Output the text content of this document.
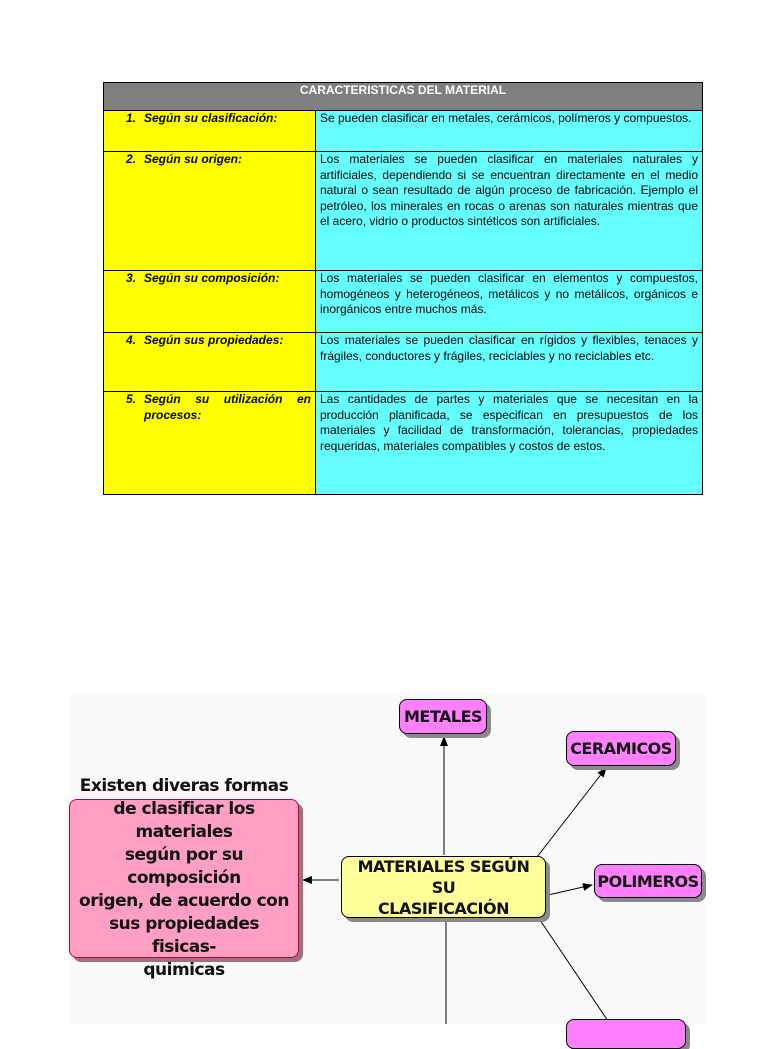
CARACTERISTICAS DEL MATERIAL	
1. Según su clasificación:	Se pueden clasificar en metales, cerámicos, polímeros y compuestos.
2. Según su origen:	Los materiales se pueden clasificar en materiales naturales y artificiales, dependiendo si se encuentran directamente en el medio natural o sean resultado de algún proceso de fabricación. Ejemplo el petróleo, los minerales en rocas o arenas son naturales mientras que el acero, vidrio o productos sintéticos son artificiales.
3. Según su composición:	Los materiales se pueden clasificar en elementos y compuestos, homogéneos y heterogéneos, metálicos y no metálicos, orgánicos e inorgánicos entre muchos más.
4. Según sus propiedades:	Los materiales se pueden clasificar en rígidos y flexibles, tenaces y frágiles, conductores y frágiles, reciclables y no reciclables etc.
5. Según su utilización en procesos:	Las cantidades de partes y materiales que se necesitan en la producción planificada, se especifican en presupuestos de los materiales y facilidad de transformación, tolerancias, propiedades requeridas, materiales compatibles y costos de estos.
METALES
CERAMICOS
POLIMEROS
MATERIALES SEGÚN SU
CLASIFICACIÓN
Existen diveras formas
de clasificar los materiales
según por su composición
origen, de acuerdo con
sus propiedades fisicas-
quimicas
